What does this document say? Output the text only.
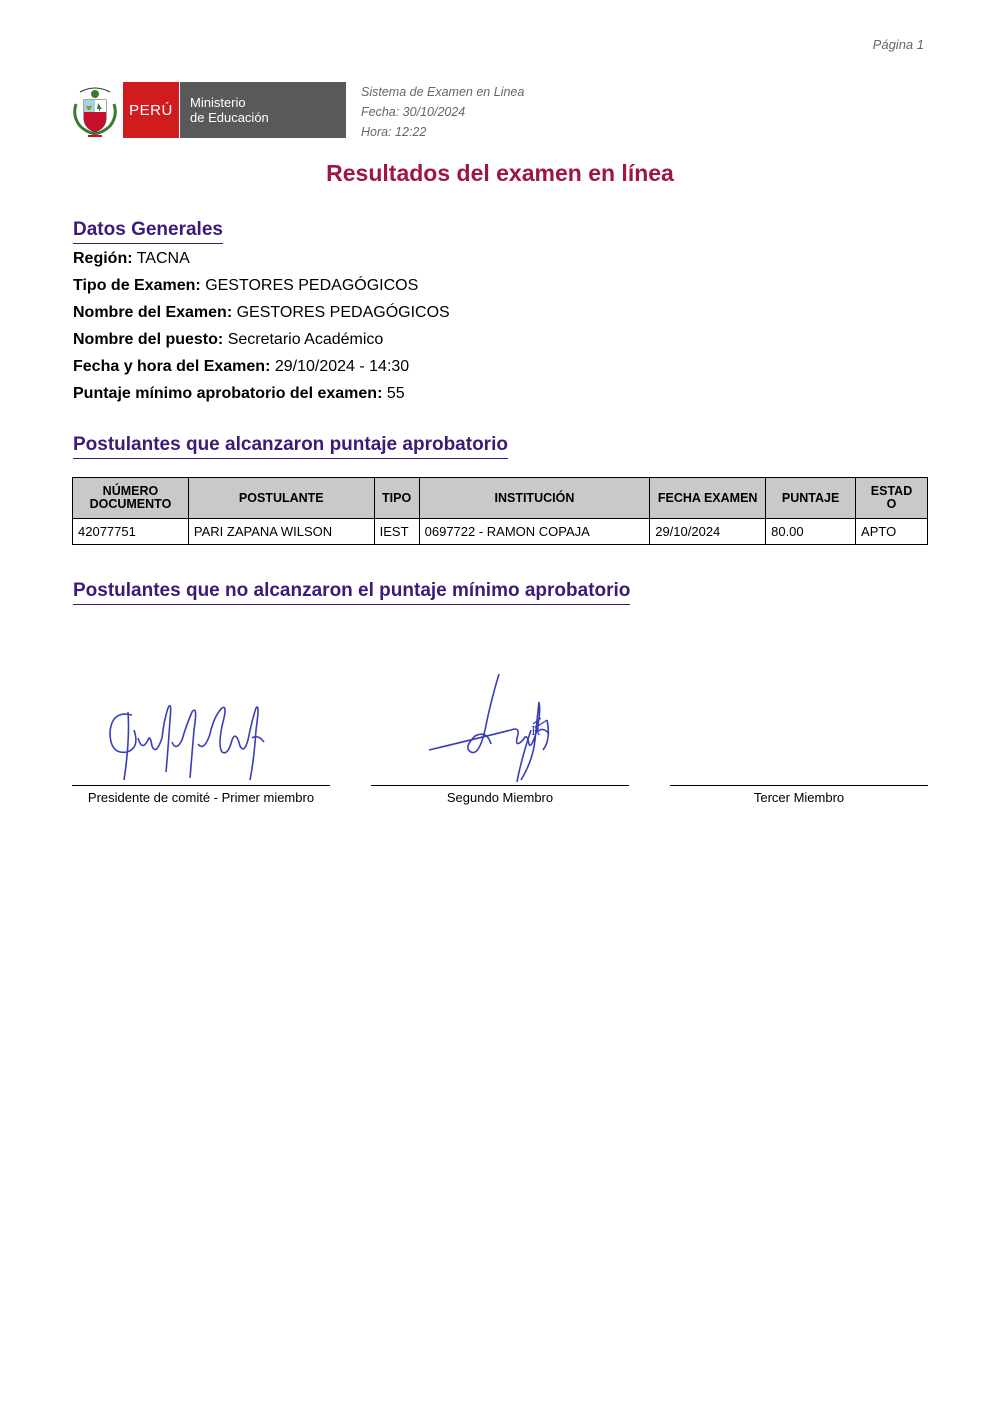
Página 1
PERÚ	Ministerio
de Educación
Sistema de Examen en Linea
Fecha: 30/10/2024
Hora: 12:22
Resultados del examen en línea
Datos Generales
Región: TACNA
Tipo de Examen: GESTORES PEDAGÓGICOS
Nombre del Examen: GESTORES PEDAGÓGICOS
Nombre del puesto: Secretario Académico
Fecha y hora del Examen: 29/10/2024 - 14:30
Puntaje mínimo aprobatorio del examen: 55
Postulantes que alcanzaron puntaje aprobatorio
NÚMERO DOCUMENTO	POSTULANTE	TIPO	INSTITUCIÓN	FECHA EXAMEN	PUNTAJE	ESTADO
42077751	PARI ZAPANA WILSON	IEST	0697722 - RAMON COPAJA	29/10/2024	80.00	APTO
Postulantes que no alcanzaron el puntaje mínimo aprobatorio
Presidente de comité - Primer miembro
R
Segundo Miembro	Tercer Miembro
